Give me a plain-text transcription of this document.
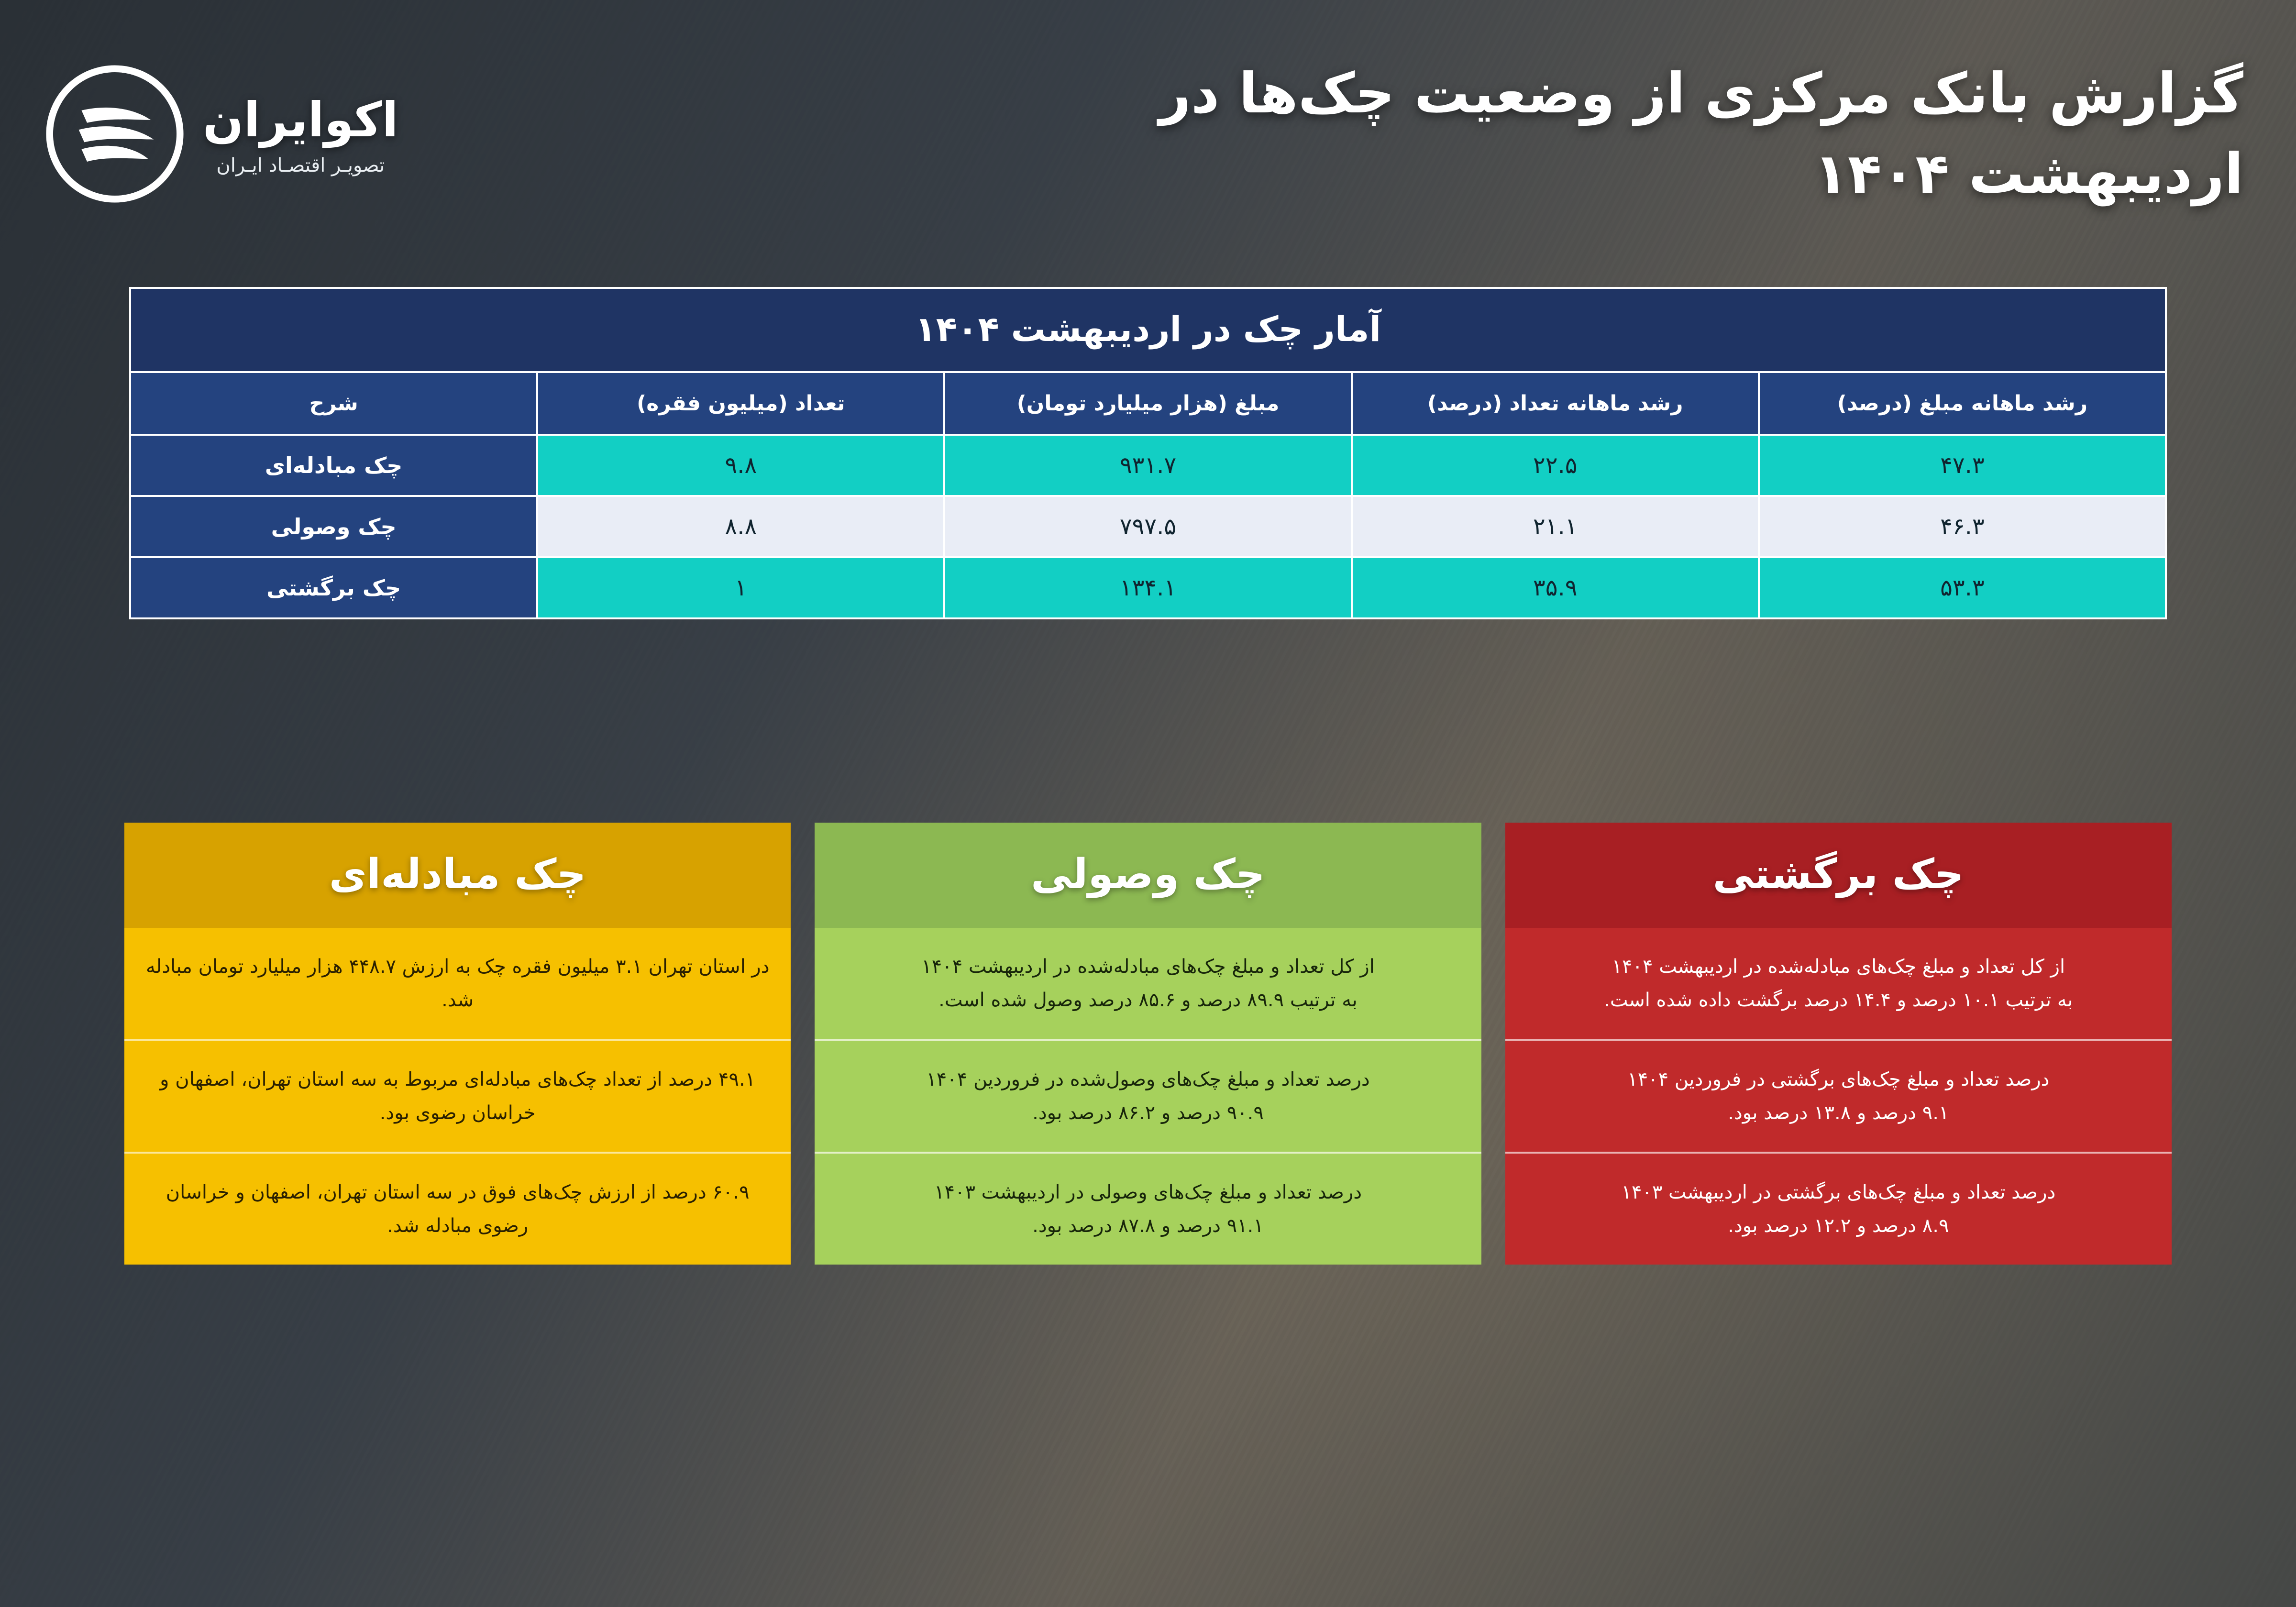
گزارش بانک مرکزی از وضعیت چک‌ها در اردیبهشت ۱۴۰۴
اکوایران
تصویـر اقتصـاد ایـران
آمار چک در اردیبهشت ۱۴۰۴
رشد ماهانه مبلغ (درصد)	رشد ماهانه تعداد (درصد)	مبلغ (هزار میلیارد تومان)	تعداد (میلیون فقره)	شرح
۴۷.۳	۲۲.۵	۹۳۱.۷	۹.۸	چک مبادله‌ای
۴۶.۳	۲۱.۱	۷۹۷.۵	۸.۸	چک وصولی
۵۳.۳	۳۵.۹	۱۳۴.۱	۱	چک برگشتی
چک برگشتی
از کل تعداد و مبلغ چک‌های مبادله‌شده در اردیبهشت ۱۴۰۴
به ترتیب ۱۰.۱ درصد و ۱۴.۴ درصد برگشت داده شده است.
درصد تعداد و مبلغ چک‌های برگشتی در فروردین ۱۴۰۴
۹.۱ درصد و ۱۳.۸ درصد بود.
درصد تعداد و مبلغ چک‌های برگشتی در اردیبهشت ۱۴۰۳
۸.۹ درصد و ۱۲.۲ درصد بود.
چک وصولی
از کل تعداد و مبلغ چک‌های مبادله‌شده در اردیبهشت ۱۴۰۴
به ترتیب ۸۹.۹ درصد و ۸۵.۶ درصد وصول شده است.
درصد تعداد و مبلغ چک‌های وصول‌شده در فروردین ۱۴۰۴
۹۰.۹ درصد و ۸۶.۲ درصد بود.
درصد تعداد و مبلغ چک‌های وصولی در اردیبهشت ۱۴۰۳
۹۱.۱ درصد و ۸۷.۸ درصد بود.
چک مبادله‌ای
در استان تهران ۳.۱ میلیون فقره چک به ارزش ۴۴۸.۷ هزار میلیارد تومان مبادله شد.
۴۹.۱ درصد از تعداد چک‌های مبادله‌ای مربوط به سه استان تهران، اصفهان و خراسان رضوی بود.
۶۰.۹ درصد از ارزش چک‌های فوق در سه استان تهران، اصفهان و خراسان رضوی مبادله شد.
